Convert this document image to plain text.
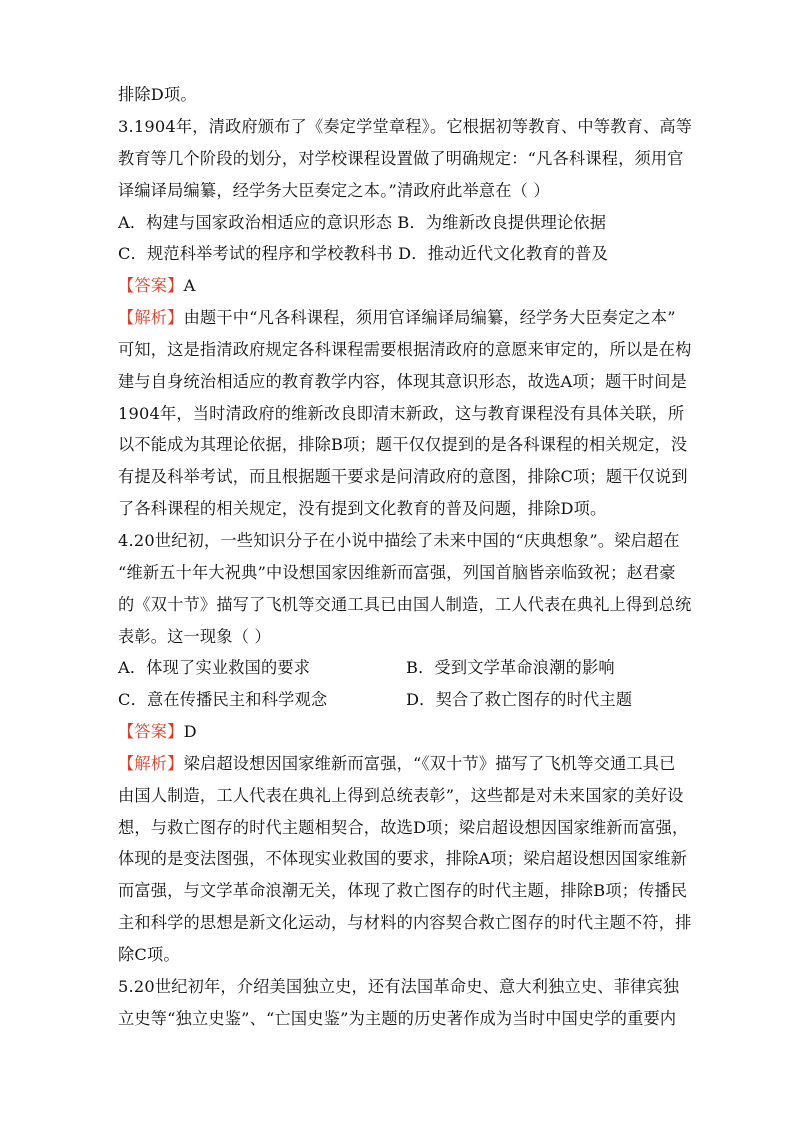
排除D项。
3.1904年，清政府颁布了《奏定学堂章程》。它根据初等教育、中等教育、高等
教育等几个阶段的划分，对学校课程设置做了明确规定：“凡各科课程，须用官
译编译局编纂，经学务大臣奏定之本。”清政府此举意在（ ）
A．构建与国家政治相适应的意识形态 B．为维新改良提供理论依据
C．规范科举考试的程序和学校教科书 D．推动近代文化教育的普及
【答案】A
【解析】由题干中“凡各科课程，须用官译编译局编纂，经学务大臣奏定之本”
可知，这是指清政府规定各科课程需要根据清政府的意愿来审定的，所以是在构
建与自身统治相适应的教育教学内容，体现其意识形态，故选A项；题干时间是
1904年，当时清政府的维新改良即清末新政，这与教育课程没有具体关联，所
以不能成为其理论依据，排除B项；题干仅仅提到的是各科课程的相关规定，没
有提及科举考试，而且根据题干要求是问清政府的意图，排除C项；题干仅说到
了各科课程的相关规定，没有提到文化教育的普及问题，排除D项。
4.20世纪初，一些知识分子在小说中描绘了未来中国的“庆典想象”。梁启超在
“维新五十年大祝典”中设想国家因维新而富强，列国首脑皆亲临致祝；赵君豪
的《双十节》描写了飞机等交通工具已由国人制造，工人代表在典礼上得到总统
表彰。这一现象（ ）
A．体现了实业救国的要求	B．受到文学革命浪潮的影响
C．意在传播民主和科学观念	D．契合了救亡图存的时代主题
【答案】D
【解析】梁启超设想因国家维新而富强，“《双十节》描写了飞机等交通工具已
由国人制造，工人代表在典礼上得到总统表彰”，这些都是对未来国家的美好设
想，与救亡图存的时代主题相契合，故选D项；梁启超设想因国家维新而富强，
体现的是变法图强，不体现实业救国的要求，排除A项；梁启超设想因国家维新
而富强，与文学革命浪潮无关，体现了救亡图存的时代主题，排除B项；传播民
主和科学的思想是新文化运动，与材料的内容契合救亡图存的时代主题不符，排
除C项。
5.20世纪初年，介绍美国独立史，还有法国革命史、意大利独立史、菲律宾独
立史等“独立史鉴”、“亡国史鉴”为主题的历史著作成为当时中国史学的重要内
